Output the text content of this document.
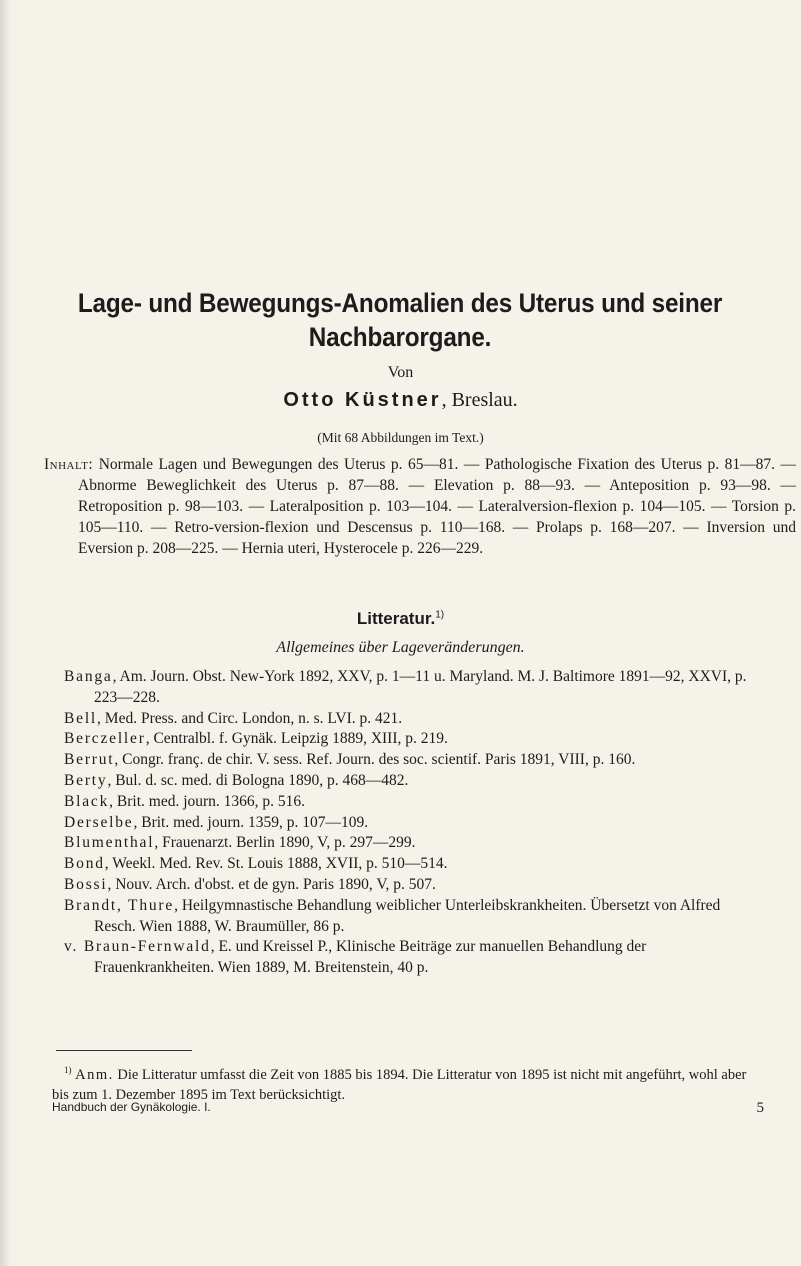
Lage- und Bewegungs-Anomalien des Uterus und seiner
Nachbarorgane.
Von
Otto Küstner, Breslau.
(Mit 68 Abbildungen im Text.)

Inhalt: Normale Lagen und Bewegungen des Uterus p. 65—81. — Pathologische Fixation des Uterus p. 81—87. — Abnorme Beweglichkeit des Uterus p. 87—88. — Elevation p. 88—93. — Anteposition p. 93—98. — Retroposition p. 98—103. — Lateralposition p. 103—104. — Lateralversion-flexion p. 104—105. — Torsion p. 105—110. — Retro-version-flexion und Descensus p. 110—168. — Prolaps p. 168—207. — Inversion und Eversion p. 208—225. — Hernia uteri, Hysterocele p. 226—229.

Litteratur.$^{1)}$
Allgemeines über Lageveränderungen.
Banga, Am. Journ. Obst. New-York 1892, XXV, p. 1—11 u. Maryland. M. J. Baltimore 1891—92, XXVI, p. 223—228.
Bell, Med. Press. and Circ. London, n. s. LVI. p. 421.
Berczeller, Centralbl. f. Gynäk. Leipzig 1889, XIII, p. 219.
Berrut, Congr. franç. de chir. V. sess. Ref. Journ. des soc. scientif. Paris 1891, VIII, p. 160.
Berty, Bul. d. sc. med. di Bologna 1890, p. 468—482.
Black, Brit. med. journ. 1366, p. 516.
Derselbe, Brit. med. journ. 1359, p. 107—109.
Blumenthal, Frauenarzt. Berlin 1890, V, p. 297—299.
Bond, Weekl. Med. Rev. St. Louis 1888, XVII, p. 510—514.
Bossi, Nouv. Arch. d'obst. et de gyn. Paris 1890, V, p. 507.
Brandt, Thure, Heilgymnastische Behandlung weiblicher Unterleibskrankheiten. Übersetzt von Alfred Resch. Wien 1888, W. Braumüller, 86 p.
v. Braun-Fernwald, E. und Kreissel P., Klinische Beiträge zur manuellen Behandlung der Frauenkrankheiten. Wien 1889, M. Breitenstein, 40 p.

$^{1)}$ Anm. Die Litteratur umfasst die Zeit von 1885 bis 1894. Die Litteratur von 1895 ist nicht mit angeführt, wohl aber bis zum 1. Dezember 1895 im Text berücksichtigt.

Handbuch der Gynäkologie. I.	5
